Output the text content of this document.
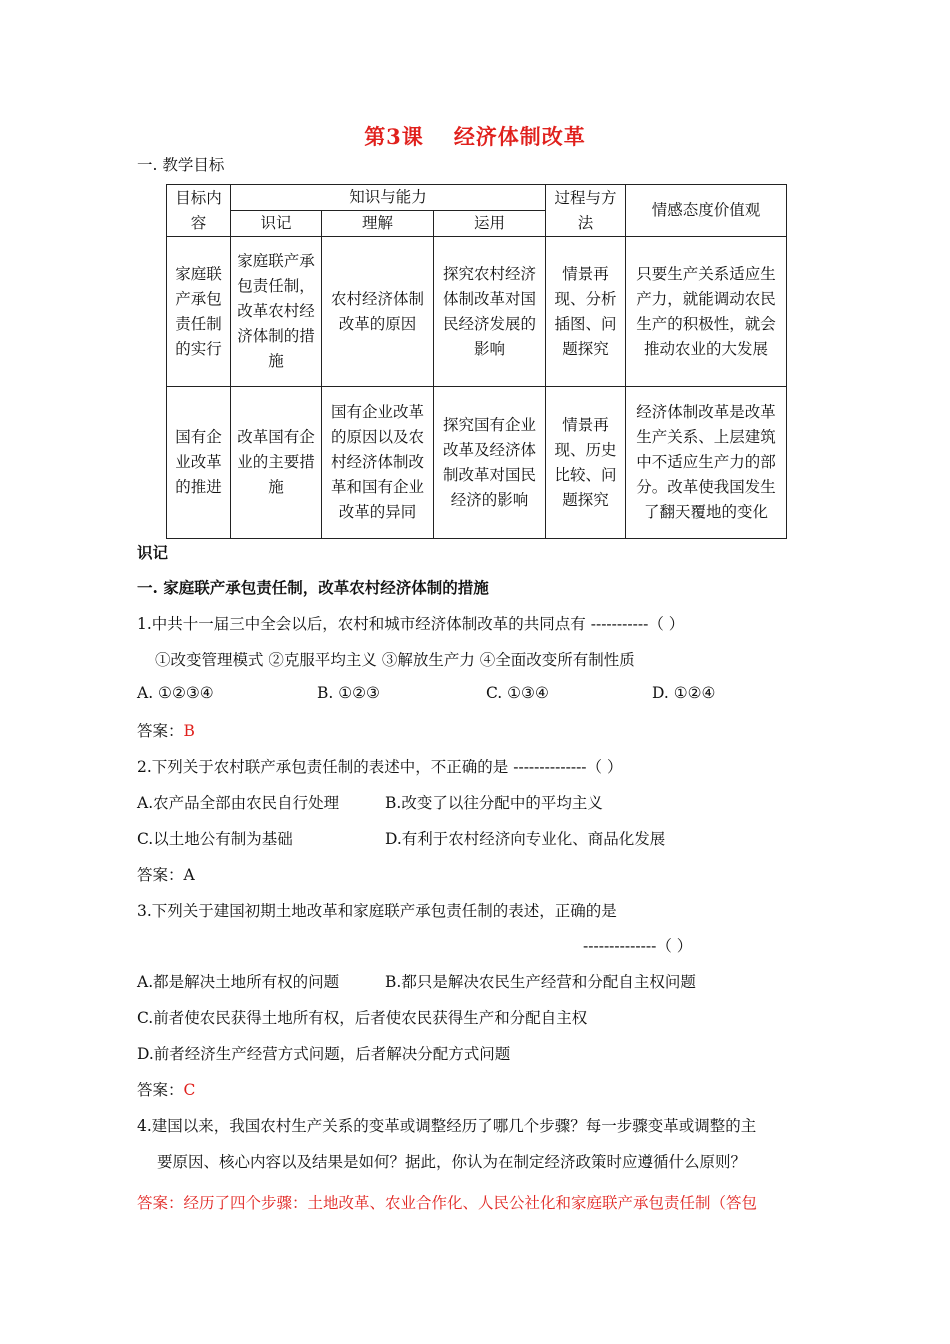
第3课 经济体制改革
一. 教学目标
目标内容	知识与能力			过程与方法	情感态度价值观
	识记	理解	运用		
家庭联产承包责任制的实行	家庭联产承包责任制，改革农村经济体制的措施	农村经济体制改革的原因	探究农村经济体制改革对国民经济发展的影响	情景再现、分析插图、问题探究	只要生产关系适应生产力，就能调动农民生产的积极性，就会推动农业的大发展
国有企业改革的推进	改革国有企业的主要措施	国有企业改革的原因以及农村经济体制改革和国有企业改革的异同	探究国有企业改革及经济体制改革对国民经济的影响	情景再现、历史比较、问题探究	经济体制改革是改革生产关系、上层建筑中不适应生产力的部分。改革使我国发生了翻天覆地的变化
识记
一. 家庭联产承包责任制，改革农村经济体制的措施
1.中共十一届三中全会以后，农村和城市经济体制改革的共同点有 -----------（ ）
①改变管理模式 ②克服平均主义 ③解放生产力 ④全面改变所有制性质
A. ①②③④	B. ①②③	C. ①③④	D. ①②④
答案：B
2.下列关于农村联产承包责任制的表述中，不正确的是 --------------（ ）
A.农产品全部由农民自行处理	B.改变了以往分配中的平均主义
C.以土地公有制为基础	D.有利于农村经济向专业化、商品化发展
答案：A
3.下列关于建国初期土地改革和家庭联产承包责任制的表述，正确的是
--------------（ ）
A.都是解决土地所有权的问题	B.都只是解决农民生产经营和分配自主权问题
C.前者使农民获得土地所有权，后者使农民获得生产和分配自主权
D.前者经济生产经营方式问题，后者解决分配方式问题
答案：C
4.建国以来，我国农村生产关系的变革或调整经历了哪几个步骤？每一步骤变革或调整的主
要原因、核心内容以及结果是如何？据此，你认为在制定经济政策时应遵循什么原则？
答案：经历了四个步骤：土地改革、农业合作化、人民公社化和家庭联产承包责任制（答包
